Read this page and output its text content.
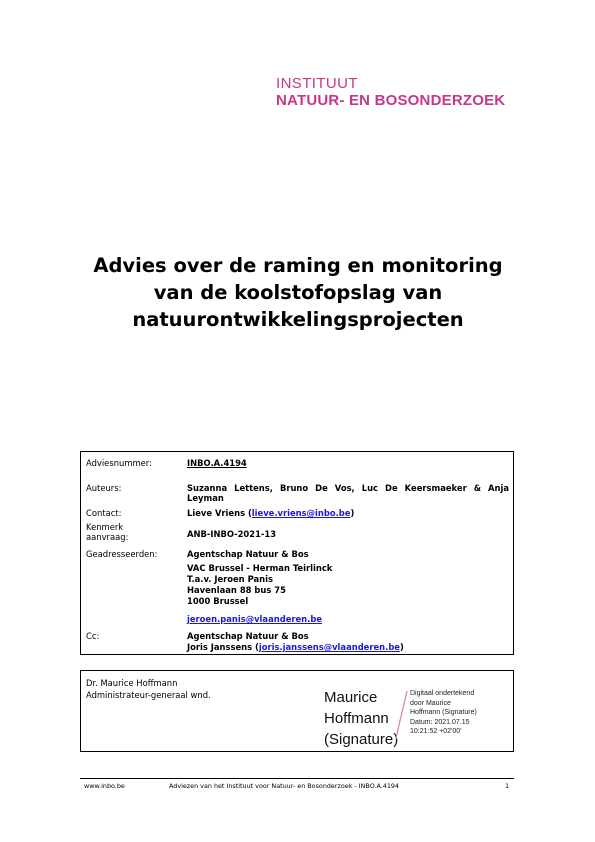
INSTITUUT
NATUUR- EN BOSONDERZOEK
Advies over de raming en monitoring
van de koolstofopslag van
natuurontwikkelingsprojecten
Adviesnummer:	INBO.A.4194
Auteurs:	Suzanna Lettens, Bruno De Vos, Luc De Keersmaeker & Anja Leyman
Contact:	Lieve Vriens (lieve.vriens@inbo.be)
Kenmerk
aanvraag:	ANB-INBO-2021-13
Geadresseerden:	Agentschap Natuur & Bos
VAC Brussel - Herman Teirlinck
T.a.v. Jeroen Panis
Havenlaan 88 bus 75
1000 Brussel
jeroen.panis@vlaanderen.be
Cc:	Agentschap Natuur & Bos
Joris Janssens (joris.janssens@vlaanderen.be)
Dr. Maurice Hoffmann
Administrateur-generaal wnd.	Maurice
Hoffmann
(Signature)
Digitaal ondertekend
door Maurice
Hoffmann (Signature)
Datum: 2021.07.15
10:21:52 +02'00'
www.inbo.be	Adviezen van het Instituut voor Natuur- en Bosonderzoek - INBO.A.4194	1
